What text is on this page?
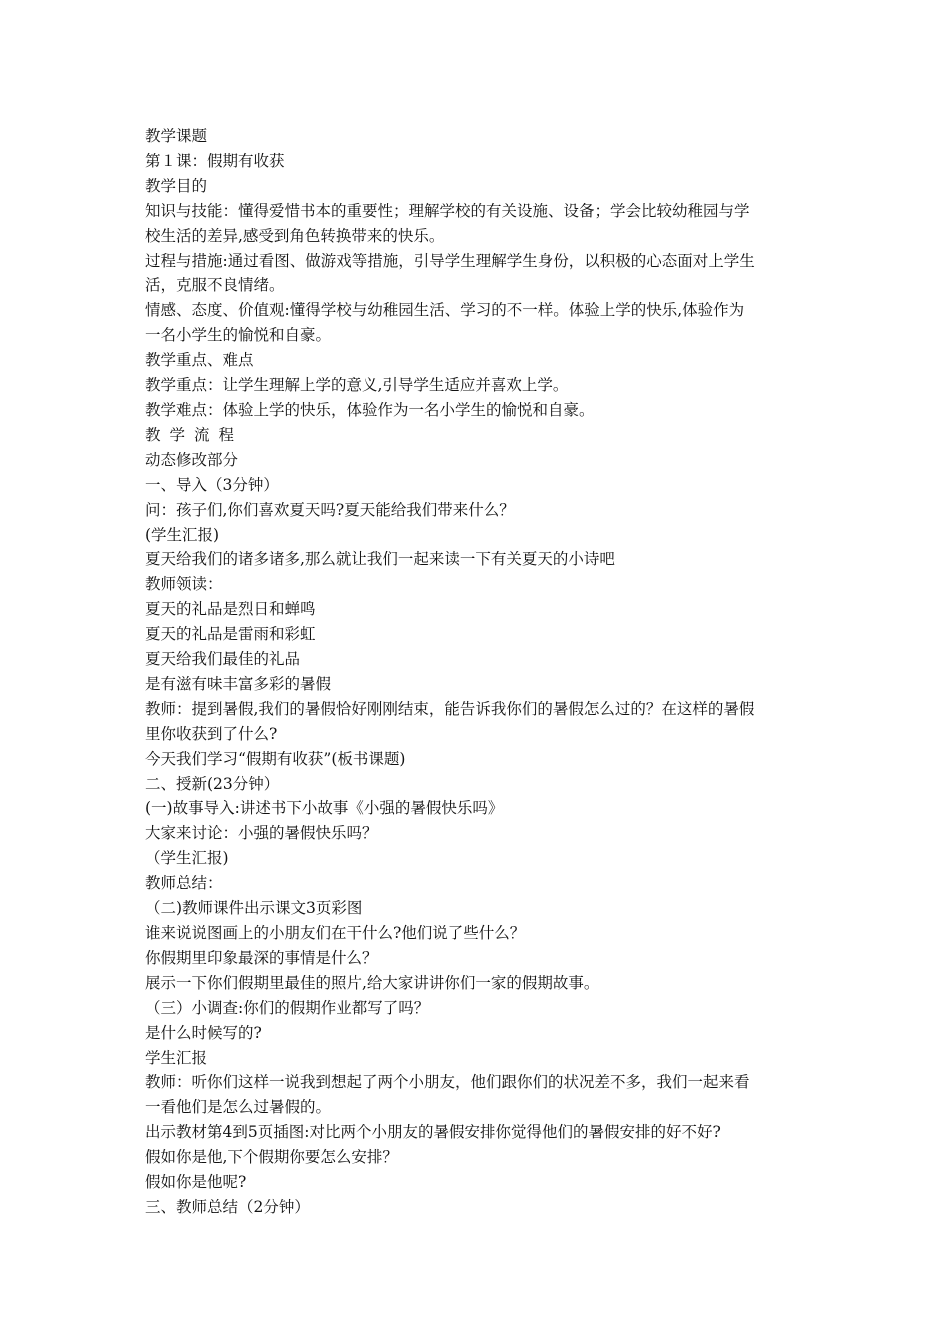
教学课题
第１课：假期有收获
教学目的
知识与技能：懂得爱惜书本的重要性；理解学校的有关设施、设备；学会比较幼稚园与学
校生活的差异,感受到角色转换带来的快乐。
过程与措施:通过看图、做游戏等措施，引导学生理解学生身份，以积极的心态面对上学生
活，克服不良情绪。
情感、态度、价值观:懂得学校与幼稚园生活、学习的不一样。体验上学的快乐,体验作为
一名小学生的愉悦和自豪。
教学重点、难点
教学重点：让学生理解上学的意义,引导学生适应并喜欢上学。
教学难点：体验上学的快乐，体验作为一名小学生的愉悦和自豪。
教学流程
动态修改部分
一、导入（3分钟）
问：孩子们,你们喜欢夏天吗?夏天能给我们带来什么？
(学生汇报)
夏天给我们的诸多诸多,那么就让我们一起来读一下有关夏天的小诗吧
教师领读：
夏天的礼品是烈日和蝉鸣
夏天的礼品是雷雨和彩虹
夏天给我们最佳的礼品
是有滋有味丰富多彩的暑假
教师：提到暑假,我们的暑假恰好刚刚结束，能告诉我你们的暑假怎么过的？在这样的暑假
里你收获到了什么?
今天我们学习“假期有收获”(板书课题)
二、授新(23分钟）
(一)故事导入:讲述书下小故事《小强的暑假快乐吗》
大家来讨论：小强的暑假快乐吗？
（学生汇报)
教师总结：
（二)教师课件出示课文3页彩图
谁来说说图画上的小朋友们在干什么?他们说了些什么？
你假期里印象最深的事情是什么？
展示一下你们假期里最佳的照片,给大家讲讲你们一家的假期故事。
（三）小调查:你们的假期作业都写了吗？
是什么时候写的?
学生汇报
教师：听你们这样一说我到想起了两个小朋友，他们跟你们的状况差不多，我们一起来看
一看他们是怎么过暑假的。
出示教材第4到5页插图:对比两个小朋友的暑假安排你觉得他们的暑假安排的好不好?
假如你是他,下个假期你要怎么安排？
假如你是他呢?
三、教师总结（2分钟）
